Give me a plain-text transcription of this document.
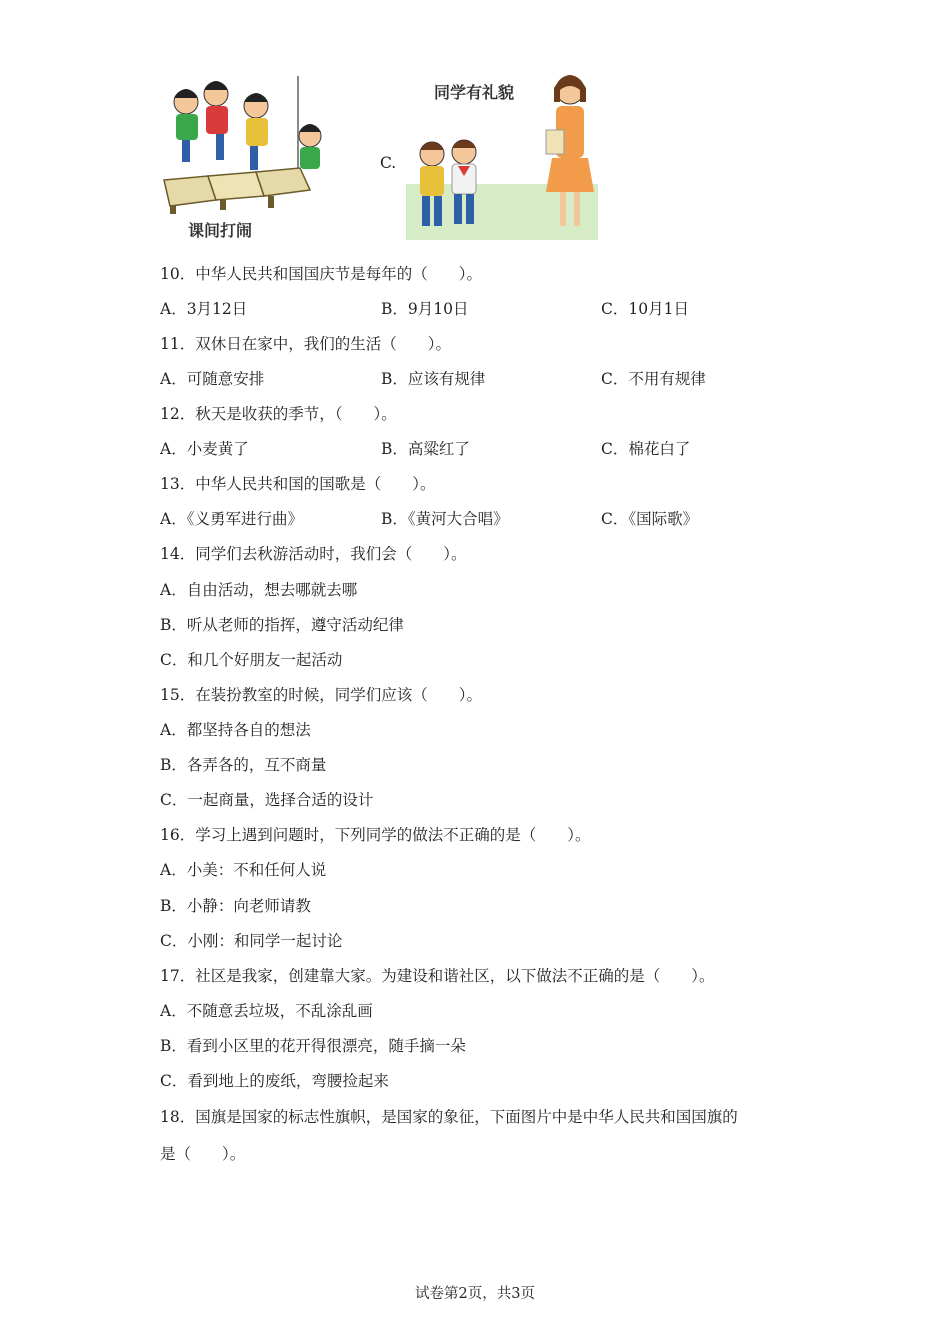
课间打闹
C.
同学有礼貌
10．中华人民共和国国庆节是每年的（　　）。
A．3月12日	B．9月10日	C．10月1日
11．双休日在家中，我们的生活（　　）。
A．可随意安排	B．应该有规律	C．不用有规律
12．秋天是收获的季节，（　　）。
A．小麦黄了	B．高粱红了	C．棉花白了
13．中华人民共和国的国歌是（　　）。
A．《义勇军进行曲》	B．《黄河大合唱》	C．《国际歌》
14．同学们去秋游活动时，我们会（　　）。
A．自由活动，想去哪就去哪
B．听从老师的指挥，遵守活动纪律
C．和几个好朋友一起活动
15．在装扮教室的时候，同学们应该（　　）。
A．都坚持各自的想法
B．各弄各的，互不商量
C．一起商量，选择合适的设计
16．学习上遇到问题时，下列同学的做法不正确的是（　　）。
A．小美：不和任何人说
B．小静：向老师请教
C．小刚：和同学一起讨论
17．社区是我家，创建靠大家。为建设和谐社区，以下做法不正确的是（　　）。
A．不随意丢垃圾，不乱涂乱画
B．看到小区里的花开得很漂亮，随手摘一朵
C．看到地上的废纸，弯腰捡起来
18．国旗是国家的标志性旗帜，是国家的象征，下面图片中是中华人民共和国国旗的
是（　　）。
试卷第2页，共3页
